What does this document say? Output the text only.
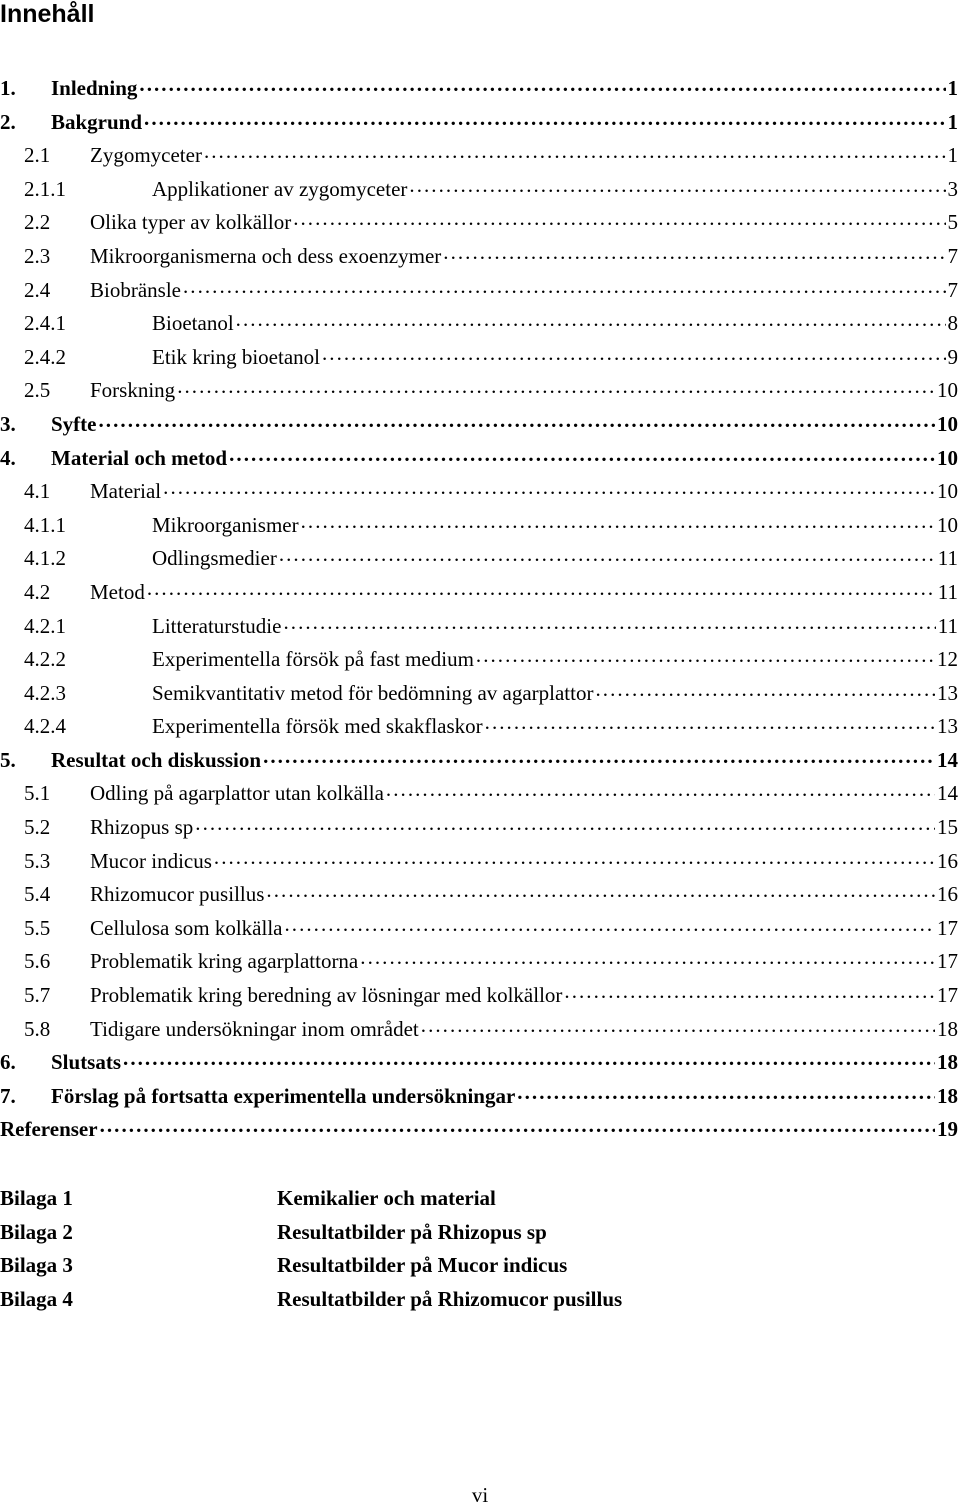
Innehåll
1.	Inledning . . .	1
2.	Bakgrund . . .	1
2.1	Zygomyceter . . .	1
2.1.1	Applikationer av zygomyceter . . .	3
2.2	Olika typer av kolkällor . . .	5
2.3	Mikroorganismerna och dess exoenzymer . . .	7
2.4	Biobränsle . . .	7
2.4.1	Bioetanol . . .	8
2.4.2	Etik kring bioetanol . . .	9
2.5	Forskning . . .	10
3.	Syfte . . .	10
4.	Material och metod . . .	10
4.1	Material . . .	10
4.1.1	Mikroorganismer . . .	10
4.1.2	Odlingsmedier . . .	11
4.2	Metod . . .	11
4.2.1	Litteraturstudie . . .	11
4.2.2	Experimentella försök på fast medium . . .	12
4.2.3	Semikvantitativ metod för bedömning av agarplattor . . .	13
4.2.4	Experimentella försök med skakflaskor . . .	13
5.	Resultat och diskussion . . .	14
5.1	Odling på agarplattor utan kolkälla . . .	14
5.2	Rhizopus sp . . .	15
5.3	Mucor indicus . . .	16
5.4	Rhizomucor pusillus . . .	16
5.5	Cellulosa som kolkälla . . .	17
5.6	Problematik kring agarplattorna . . .	17
5.7	Problematik kring beredning av lösningar med kolkällor . . .	17
5.8	Tidigare undersökningar inom området . . .	18
6.	Slutsats . . .	18
7.	Förslag på fortsatta experimentella undersökningar . . .	18
Referenser . . .	19
Bilaga 1	Kemikalier och material
Bilaga 2	Resultatbilder på Rhizopus sp
Bilaga 3	Resultatbilder på Mucor indicus
Bilaga 4	Resultatbilder på Rhizomucor pusillus
vi
